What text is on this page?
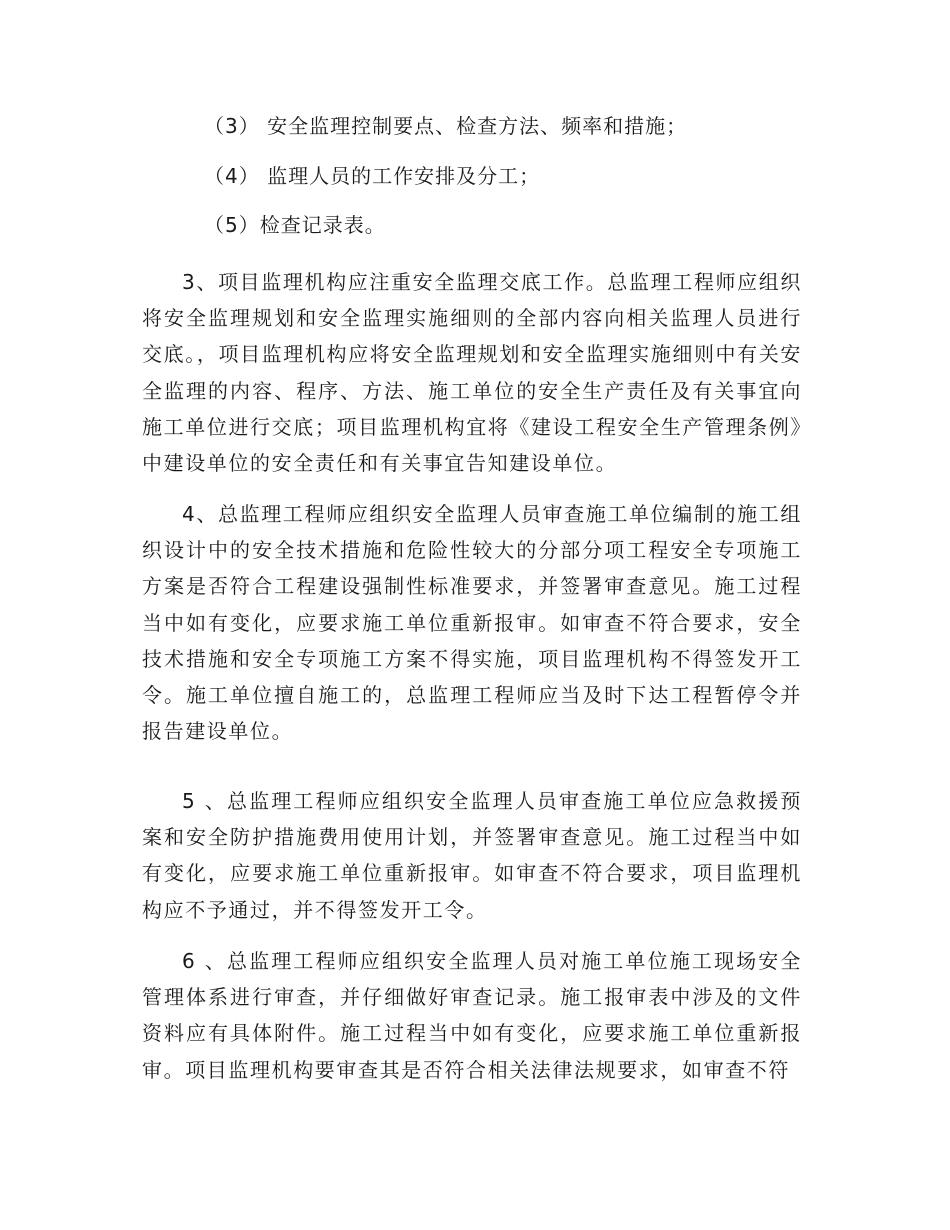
（3） 安全监理控制要点、检查方法、频率和措施；

（4） 监理人员的工作安排及分工；

（5）检查记录表。

3、项目监理机构应注重安全监理交底工作。总监理工程师应组织将安全监理规划和安全监理实施细则的全部内容向相关监理人员进行交底。，项目监理机构应将安全监理规划和安全监理实施细则中有关安全监理的内容、程序、方法、施工单位的安全生产责任及有关事宜向施工单位进行交底；项目监理机构宜将《建设工程安全生产管理条例》中建设单位的安全责任和有关事宜告知建设单位。

4、总监理工程师应组织安全监理人员审查施工单位编制的施工组织设计中的安全技术措施和危险性较大的分部分项工程安全专项施工方案是否符合工程建设强制性标准要求，并签署审查意见。施工过程当中如有变化，应要求施工单位重新报审。如审查不符合要求，安全技术措施和安全专项施工方案不得实施，项目监理机构不得签发开工令。施工单位擅自施工的，总监理工程师应当及时下达工程暂停令并报告建设单位。

5 、总监理工程师应组织安全监理人员审查施工单位应急救援预案和安全防护措施费用使用计划，并签署审查意见。施工过程当中如有变化，应要求施工单位重新报审。如审查不符合要求，项目监理机构应不予通过，并不得签发开工令。

6 、总监理工程师应组织安全监理人员对施工单位施工现场安全管理体系进行审查，并仔细做好审查记录。施工报审表中涉及的文件资料应有具体附件。施工过程当中如有变化，应要求施工单位重新报审。项目监理机构要审查其是否符合相关法律法规要求，如审查不符
